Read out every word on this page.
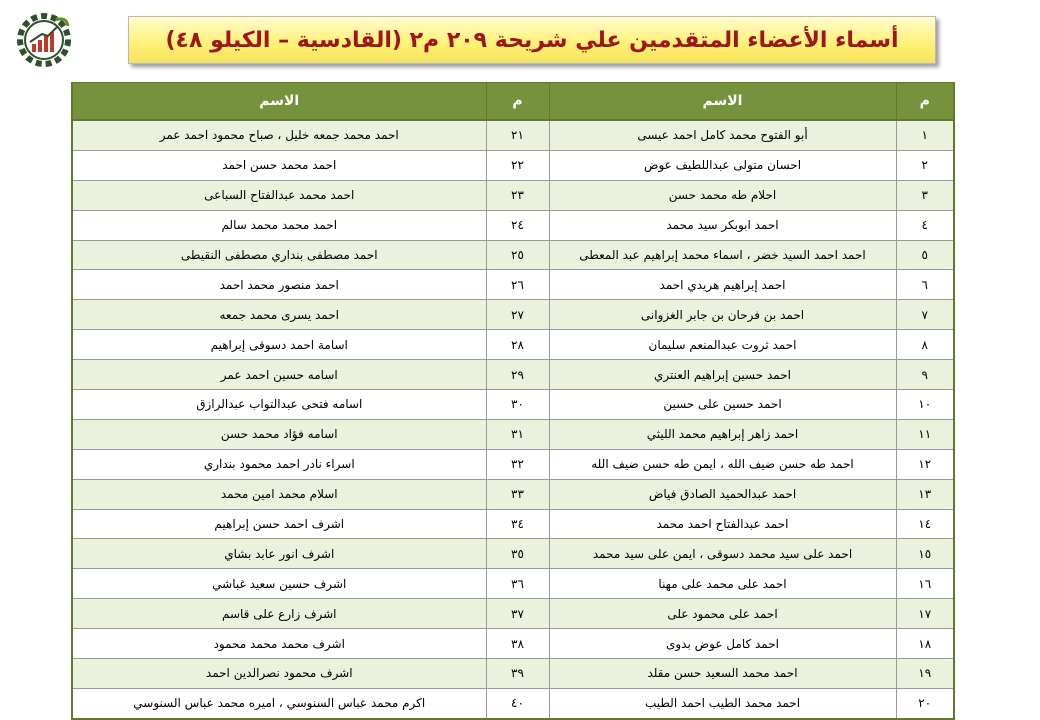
أسماء الأعضاء المتقدمين علي شريحة ٢٠٩ م٢ (القادسية – الكيلو ٤٨)
م	الاسم	م	الاسم
١	أبو الفتوح محمد كامل احمد عيسى	٢١	احمد محمد جمعه خليل ، صباح محمود احمد عمر
٢	احسان متولى عبداللطيف عوض	٢٢	احمد محمد حسن احمد
٣	احلام طه محمد حسن	٢٣	احمد محمد عبدالفتاح السباعى
٤	احمد ابوبكر سيد محمد	٢٤	احمد محمد محمد سالم
٥	احمد احمد السيد خضر ، اسماء محمد إبراهيم عبد المعطى	٢٥	احمد مصطفى بنداري مصطفى النقيطى
٦	احمد إبراهيم هريدي احمد	٢٦	احمد منصور محمد احمد
٧	احمد بن فرحان بن جابر الغزوانى	٢٧	احمد يسرى محمد جمعه
٨	احمد ثروت عبدالمنعم سليمان	٢٨	اسامة احمد دسوقى إبراهيم
٩	احمد حسين إبراهيم العنتري	٢٩	اسامه حسين احمد عمر
١٠	احمد حسين على حسين	٣٠	اسامه فتحى عبدالتواب عبدالرازق
١١	احمد زاهر إبراهيم محمد الليثي	٣١	اسامه فؤاد محمد حسن
١٢	احمد طه حسن ضيف الله ، ايمن طه حسن ضيف الله	٣٢	اسراء نادر احمد محمود بنداري
١٣	احمد عبدالحميد الصادق فياض	٣٣	اسلام محمد امين محمد
١٤	احمد عبدالفتاح احمد محمد	٣٤	اشرف احمد حسن إبراهيم
١٥	احمد على سيد محمد دسوقى ، ايمن على سيد محمد	٣٥	اشرف انور عابد بشاي
١٦	احمد على محمد على مهنا	٣٦	اشرف حسين سعيد غباشي
١٧	احمد على محمود على	٣٧	اشرف زارع على قاسم
١٨	احمد كامل عوض بدوى	٣٨	اشرف محمد محمد محمود
١٩	احمد محمد السعيد حسن مقلد	٣٩	اشرف محمود نصرالدين احمد
٢٠	احمد محمد الطيب احمد الطيب	٤٠	اكرم محمد عباس السنوسي ، اميره محمد عباس السنوسي
